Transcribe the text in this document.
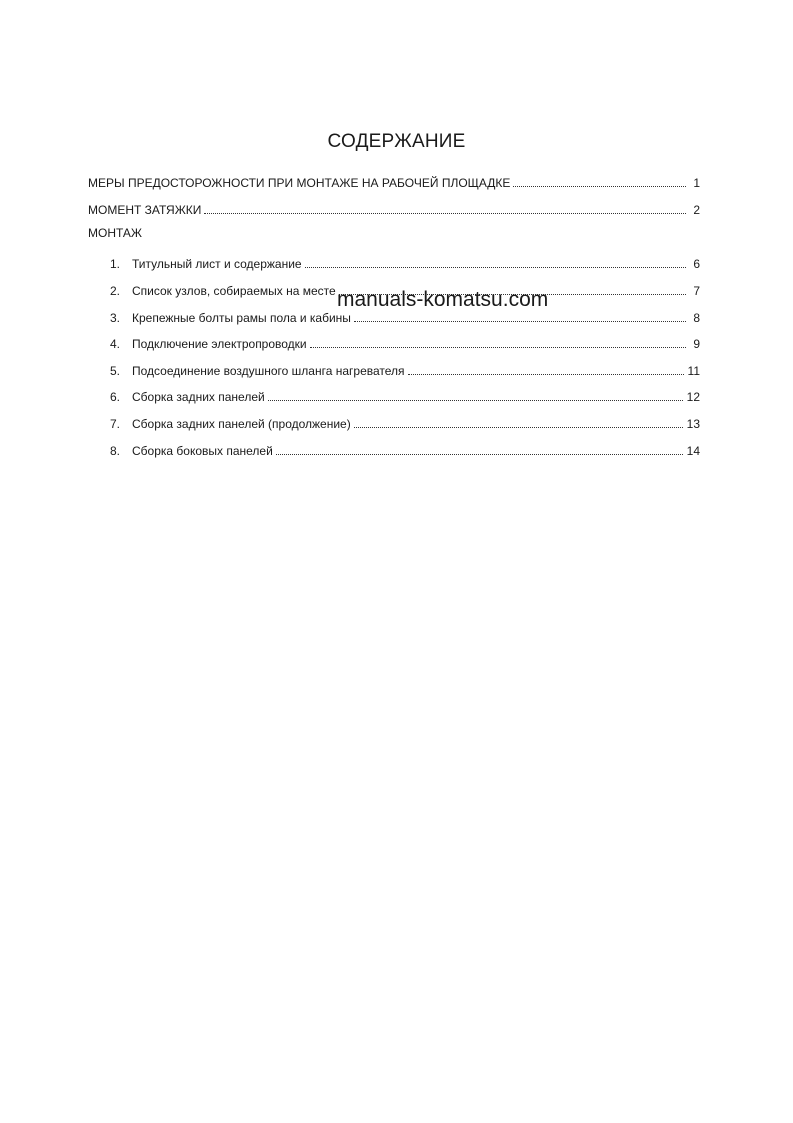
СОДЕРЖАНИЕ
МЕРЫ ПРЕДОСТОРОЖНОСТИ ПРИ МОНТАЖЕ НА РАБОЧЕЙ ПЛОЩАДКЕ	1
МОМЕНТ ЗАТЯЖКИ	2
МОНТАЖ
1. Титульный лист и содержание	6
2. Список узлов, собираемых на месте	7
3. Крепежные болты рамы пола и кабины	8
4. Подключение электропроводки	9
5. Подсоединение воздушного шланга нагревателя	11
6. Сборка задних панелей	12
7. Сборка задних панелей (продолжение)	13
8. Сборка боковых панелей	14
manuals-komatsu.com
